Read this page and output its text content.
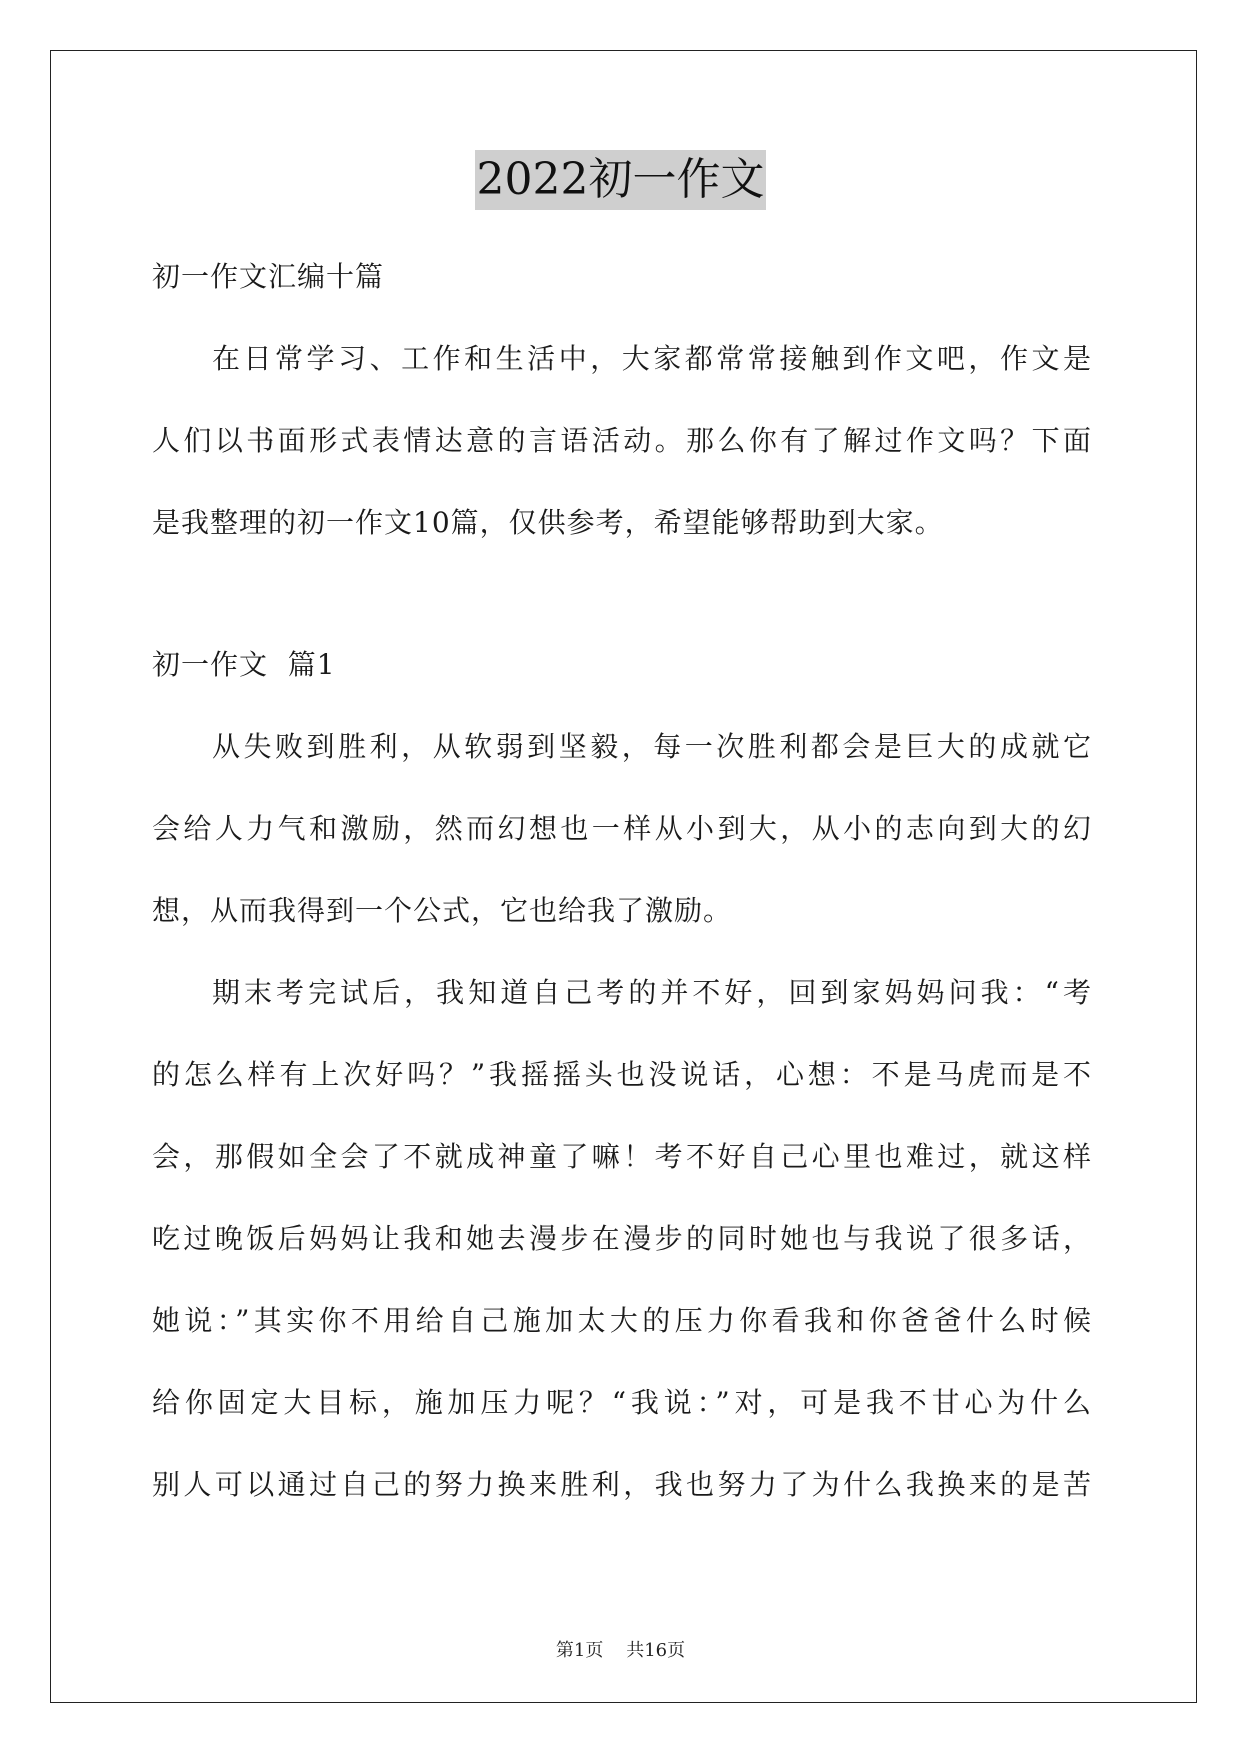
2022初一作文
初一作文汇编十篇
在日常学习、工作和生活中，大家都常常接触到作文吧，作文是
人们以书面形式表情达意的言语活动。那么你有了解过作文吗？下面
是我整理的初一作文10篇，仅供参考，希望能够帮助到大家。
初一作文  篇1
从失败到胜利，从软弱到坚毅，每一次胜利都会是巨大的成就它
会给人力气和激励，然而幻想也一样从小到大，从小的志向到大的幻
想，从而我得到一个公式，它也给我了激励。
期末考完试后，我知道自己考的并不好，回到家妈妈问我：“考
的怎么样有上次好吗？”我摇摇头也没说话，心想：不是马虎而是不
会，那假如全会了不就成神童了嘛！考不好自己心里也难过，就这样
吃过晚饭后妈妈让我和她去漫步在漫步的同时她也与我说了很多话，
她说：”其实你不用给自己施加太大的压力你看我和你爸爸什么时候
给你固定大目标，施加压力呢？“我说：”对，可是我不甘心为什么
别人可以通过自己的努力换来胜利，我也努力了为什么我换来的是苦
第1页    共16页
